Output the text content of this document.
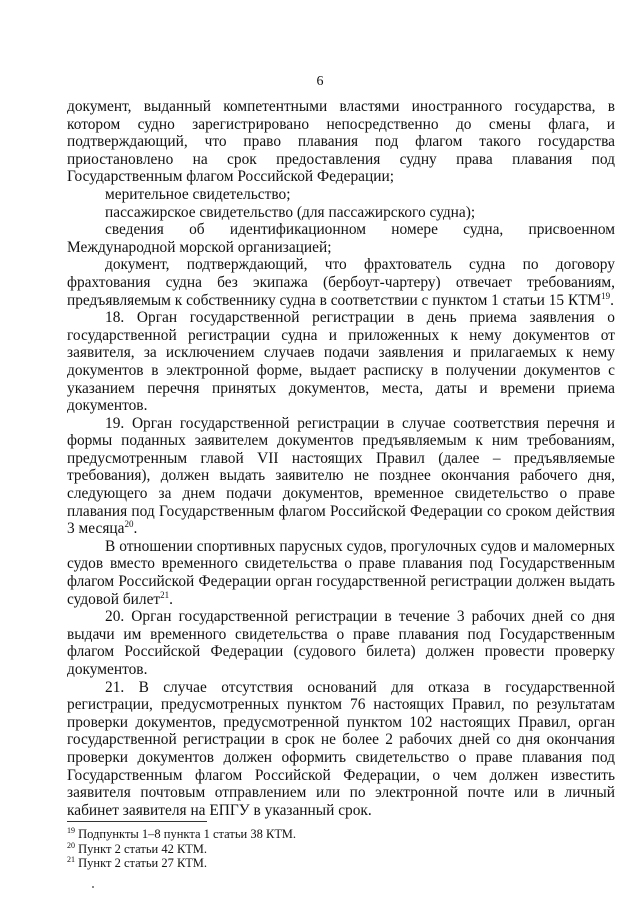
6

документ, выданный компетентными властями иностранного государства, в котором судно зарегистрировано непосредственно до смены флага, и подтверждающий, что право плавания под флагом такого государства приостановлено на срок предоставления судну права плавания под Государственным флагом Российской Федерации;

мерительное свидетельство;

пассажирское свидетельство (для пассажирского судна);

сведения об идентификационном номере судна, присвоенном Международной морской организацией;

документ, подтверждающий, что фрахтователь судна по договору фрахтования судна без экипажа (бербоут-чартеру) отвечает требованиям, предъявляемым к собственнику судна в соответствии с пунктом 1 статьи 15 КТМ$^{19}$.

18. Орган государственной регистрации в день приема заявления о государственной регистрации судна и приложенных к нему документов от заявителя, за исключением случаев подачи заявления и прилагаемых к нему документов в электронной форме, выдает расписку в получении документов с указанием перечня принятых документов, места, даты и времени приема документов.

19. Орган государственной регистрации в случае соответствия перечня и формы поданных заявителем документов предъявляемым к ним требованиям, предусмотренным главой VII настоящих Правил (далее – предъявляемые требования), должен выдать заявителю не позднее окончания рабочего дня, следующего за днем подачи документов, временное свидетельство о праве плавания под Государственным флагом Российской Федерации со сроком действия 3 месяца$^{20}$.

В отношении спортивных парусных судов, прогулочных судов и маломерных судов вместо временного свидетельства о праве плавания под Государственным флагом Российской Федерации орган государственной регистрации должен выдать судовой билет$^{21}$.

20. Орган государственной регистрации в течение 3 рабочих дней со дня выдачи им временного свидетельства о праве плавания под Государственным флагом Российской Федерации (судового билета) должен провести проверку документов.

21. В случае отсутствия оснований для отказа в государственной регистрации, предусмотренных пунктом 76 настоящих Правил, по результатам проверки документов, предусмотренной пунктом 102 настоящих Правил, орган государственной регистрации в срок не более 2 рабочих дней со дня окончания проверки документов должен оформить свидетельство о праве плавания под Государственным флагом Российской Федерации, о чем должен известить заявителя почтовым отправлением или по электронной почте или в личный кабинет заявителя на ЕПГУ в указанный срок.

$^{19}$ Подпункты 1–8 пункта 1 статьи 38 КТМ.

$^{20}$ Пункт 2 статьи 42 КТМ.

$^{21}$ Пункт 2 статьи 27 КТМ.
